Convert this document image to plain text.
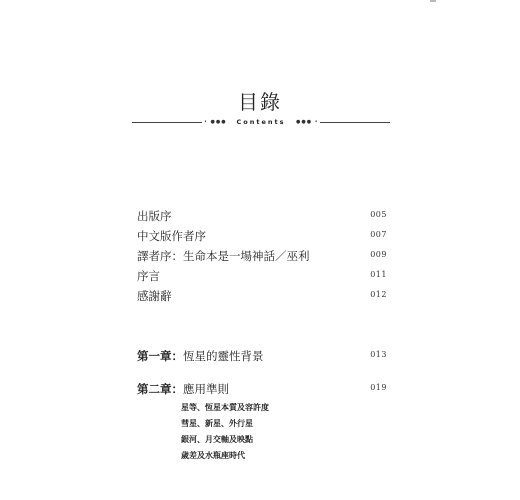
目錄
• ●●●	Contents	●●● •
出版序	005
中文版作者序	007
譯者序：生命本是一場神話／巫利	009
序言	011
感謝辭	012
第一章：恆星的靈性背景	013
第二章：應用準則	019
星等、恆星本質及容許度
彗星、新星、外行星
銀河、月交軸及映點
歲差及水瓶座時代
